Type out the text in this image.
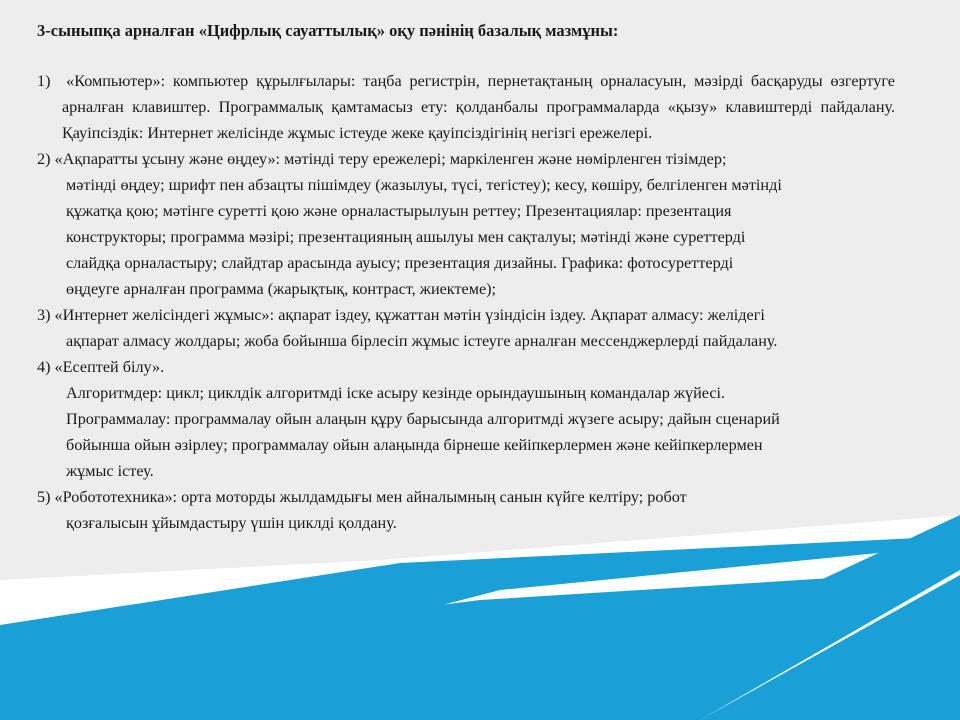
3-сыныпқа арналған «Цифрлық сауаттылық» оқу пәнінің базалық мазмұны:
1)  «Компьютер»: компьютер құрылғылары: таңба регистрін, пернетақтаның орналасуын, мәзірді басқаруды өзгертуге арналған клавиштер. Программалық қамтамасыз ету: қолданбалы программаларда «қызу» клавиштерді пайдалану. Қауіпсіздік: Интернет желісінде жұмыс істеуде жеке қауіпсіздігінің негізгі ережелері.
2) «Ақпаратты ұсыну және өңдеу»: мәтінді теру ережелері; маркіленген және нөмірленген тізімдер;
мәтінді өңдеу; шрифт пен абзацты пішімдеу (жазылуы, түсі, тегістеу); кесу, көшіру, белгіленген мәтінді
құжатқа қою; мәтінге суретті қою және орналастырылуын реттеу; Презентациялар: презентация
конструкторы; программа мәзірі; презентацияның ашылуы мен сақталуы; мәтінді және суреттерді
слайдқа орналастыру; слайдтар арасында ауысу; презентация дизайны. Графика: фотосуреттерді
өңдеуге арналған программа (жарықтық, контраст, жиектеме);
3) «Интернет желісіндегі жұмыс»: ақпарат іздеу, құжаттан мәтін үзіндісін іздеу. Ақпарат алмасу: желідегі
ақпарат алмасу жолдары; жоба бойынша бірлесіп жұмыс істеуге арналған мессенджерлерді пайдалану.
4) «Есептей білу».
Алгоритмдер: цикл; циклдік алгоритмді іске асыру кезінде орындаушының командалар жүйесі.
Программалау: программалау ойын алаңын құру барысында алгоритмді жүзеге асыру; дайын сценарий
бойынша ойын әзірлеу; программалау ойын алаңында бірнеше кейіпкерлермен және кейіпкерлермен
жұмыс істеу.
5) «Робототехника»: орта моторды жылдамдығы мен айналымның санын күйге келтіру; робот
қозғалысын ұйымдастыру үшін циклді қолдану.
